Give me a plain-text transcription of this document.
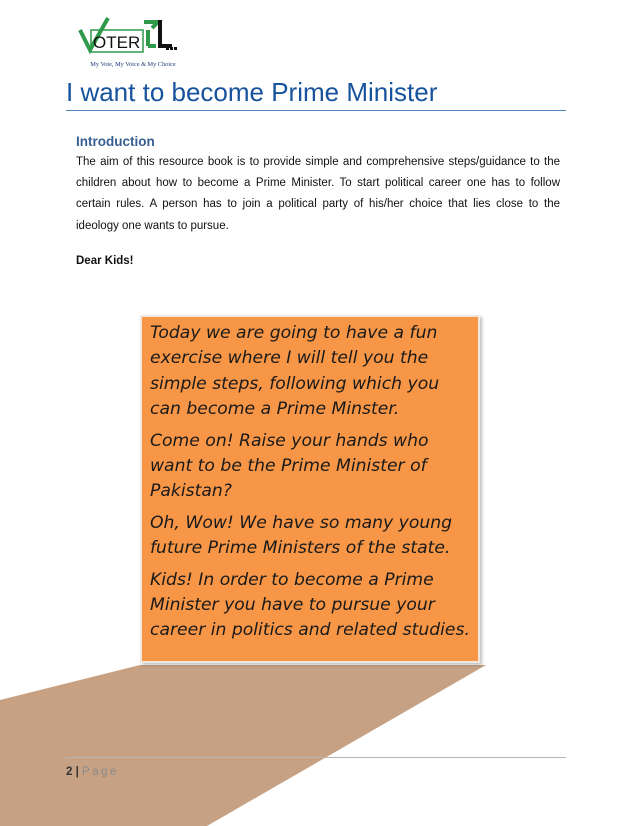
OTER
My Vote, My Voice & My Choice
I want to become Prime Minister
Introduction

The aim of this resource book is to provide simple and comprehensive steps/guidance to the children about how to become a Prime Minister. To start political career one has to follow certain rules. A person has to join a political party of his/her choice that lies close to the ideology one wants to pursue.

Dear Kids!

Today we are going to have a fun exercise where I will tell you the simple steps, following which you can become a Prime Minster.

Come on! Raise your hands who want to be the Prime Minister of Pakistan?

Oh, Wow! We have so many young future Prime Ministers of the state.

Kids! In order to become a Prime Minister you have to pursue your career in politics and related studies.

2 | Page
